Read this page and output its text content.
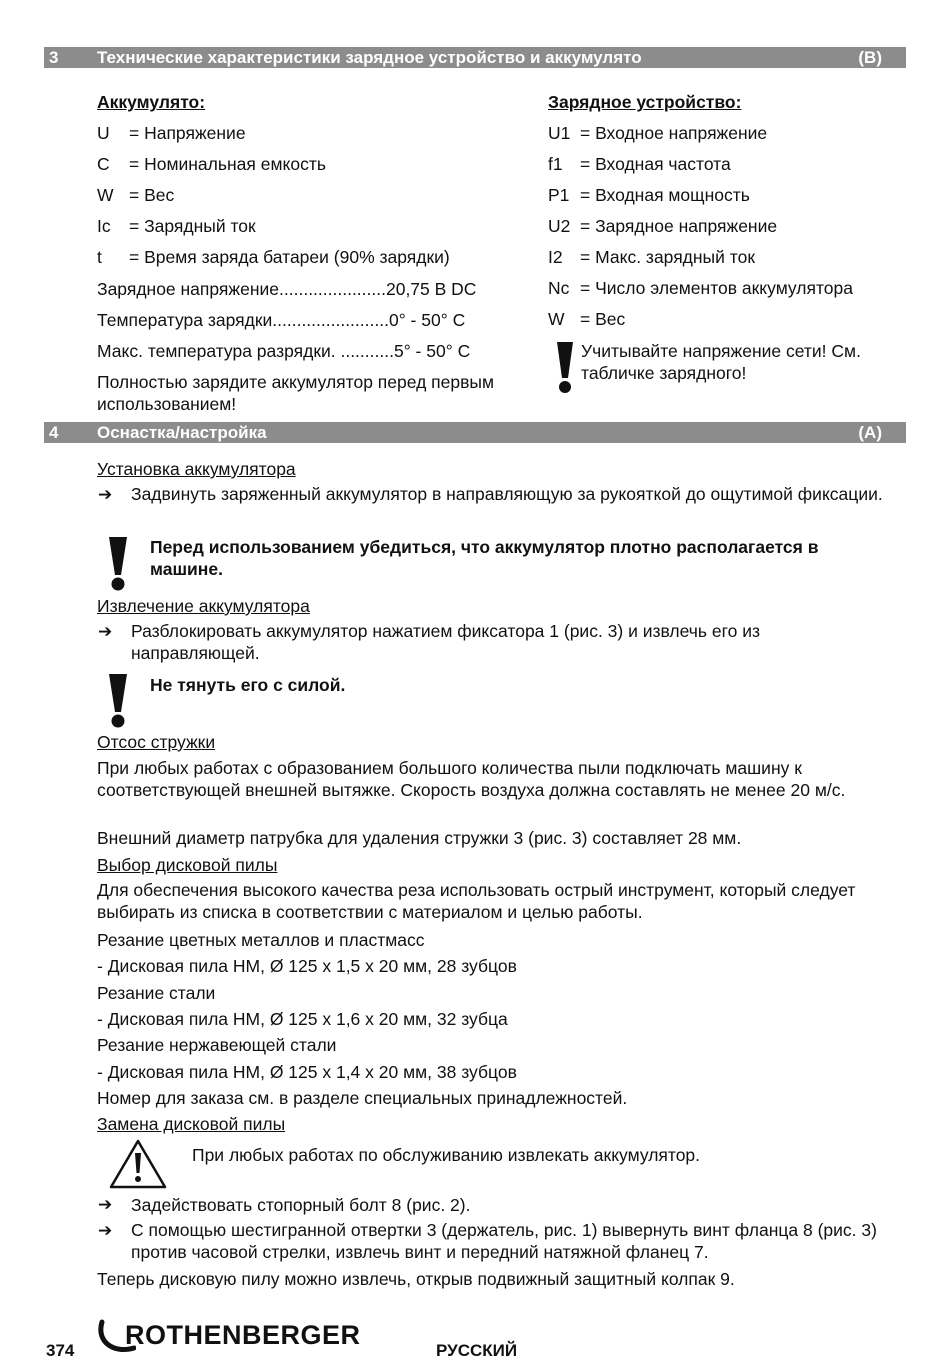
3 Технические характеристики зарядное устройство и аккумулято	(B)
Аккумулято:
U	= Напряжение
C	= Номинальная емкость
W = Вес
Ic	= Зарядный ток
t	= Время заряда батареи (90% зарядки)
Зарядное напряжение......................20,75 В DC
Температура зарядки........................0° - 50° C
Макс. температура разрядки. ...........5° - 50° C
Полностью зарядите аккумулятор перед первым использованием!
Зарядное устройство:
U1 = Входное напряжение
f1 = Входная частота
P1 = Входная мощность
U2 = Зарядное напряжение
I2 = Макс. зарядный ток
Nc = Число элементов аккумулятора
W = Вес
Учитывайте напряжение сети! См. табличке зарядного!
4 Оснастка/настройка	(A)
Установка аккумулятора
➔ Задвинуть заряженный аккумулятор в направляющую за рукояткой до ощутимой фиксации.
Перед использованием убедиться, что аккумулятор плотно располагается в машине.
Извлечение аккумулятора
➔ Разблокировать аккумулятор нажатием фиксатора 1 (рис. 3) и извлечь его из направляющей.
Не тянуть его с силой.
Отсос стружки
При любых работах с образованием большого количества пыли подключать машину к соответствующей внешней вытяжке. Скорость воздуха должна составлять не менее 20 м/с.
Внешний диаметр патрубка для удаления стружки 3 (рис. 3) составляет 28 мм.
Выбор дисковой пилы
Для обеспечения высокого качества реза использовать острый инструмент, который следует выбирать из списка в соответствии с материалом и целью работы.
Резание цветных металлов и пластмасс
- Дисковая пила HM, Ø 125 x 1,5 x 20 мм, 28 зубцов
Резание стали
- Дисковая пила HM, Ø 125 x 1,6 x 20 мм, 32 зубца
Резание нержавеющей стали
- Дисковая пила HM, Ø 125 x 1,4 x 20 мм, 38 зубцов
Номер для заказа см. в разделе специальных принадлежностей.
Замена дисковой пилы
При любых работах по обслуживанию извлекать аккумулятор.
➔ Задействовать стопорный болт 8 (рис. 2).
➔ С помощью шестигранной отвертки 3 (держатель, рис. 1) вывернуть винт фланца 8 (рис. 3) против часовой стрелки, извлечь винт и передний натяжной фланец 7.
Теперь дисковую пилу можно извлечь, открыв подвижный защитный колпак 9.
374
ROTHENBERGER
РУССКИЙ
